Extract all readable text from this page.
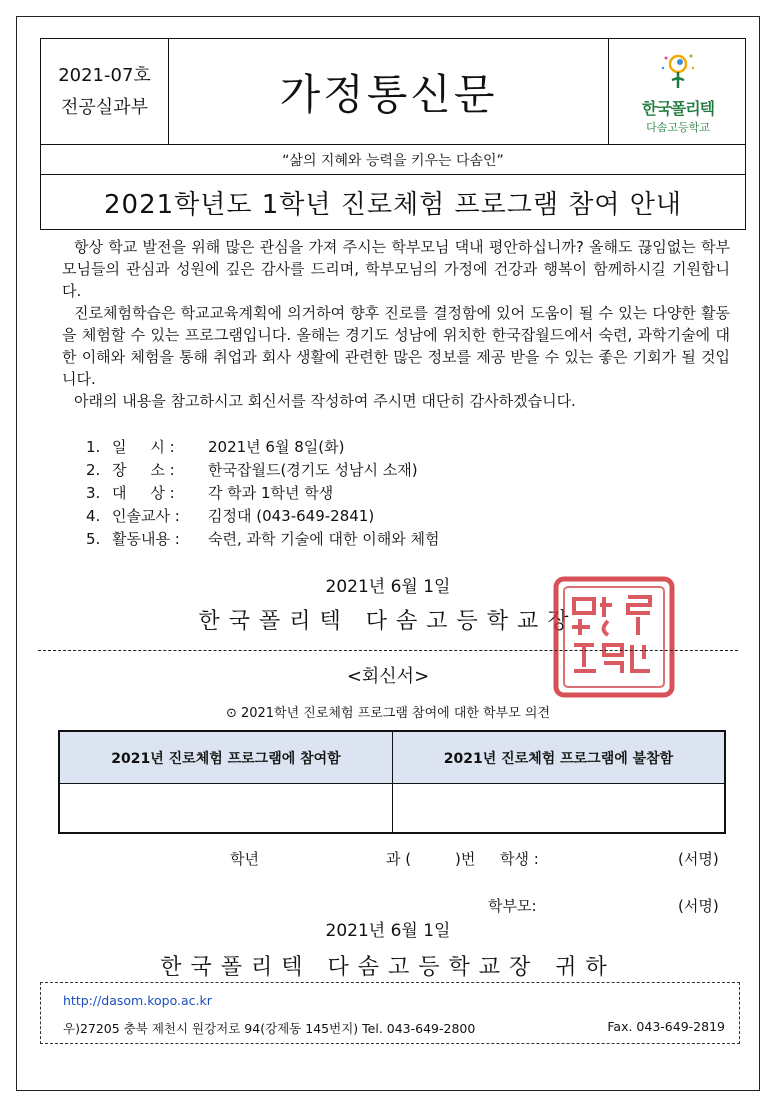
2021-07호
전공실과부	가정통신문	한국폴리텍
다솜고등학교
“삶의 지혜와 능력을 키우는 다솜인”
2021학년도 1학년 진로체험 프로그램 참여 안내

항상 학교 발전을 위해 많은 관심을 가져 주시는 학부모님 댁내 평안하십니까? 올해도 끊임없는 학부모님들의 관심과 성원에 깊은 감사를 드리며, 학부모님의 가정에 건강과 행복이 함께하시길 기원합니다.

진로체험학습은 학교교육계획에 의거하여 향후 진로를 결정함에 있어 도움이 될 수 있는 다양한 활동을 체험할 수 있는 프로그램입니다. 올해는 경기도 성남에 위치한 한국잡월드에서 숙련, 과학기술에 대한 이해와 체험을 통해 취업과 회사 생활에 관련한 많은 정보를 제공 받을 수 있는 좋은 기회가 될 것입니다.

아래의 내용을 참고하시고 회신서를 작성하여 주시면 대단히 감사하겠습니다.

1. 일     시 :	2021년 6월 8일(화)
2. 장     소 :	한국잡월드(경기도 성남시 소재)
3. 대     상 :	각 학과 1학년 학생
4. 인솔교사 :	김정대 (043-649-2841)
5. 활동내용 :	숙련, 과학 기술에 대한 이해와 체험
2021년 6월 1일
한국폴리텍 다솜고등학교장
<회신서>
⊙ 2021학년 진로체험 프로그램 참여에 대한 학부모 의견
2021년 진로체험 프로그램에 참여함	2021년 진로체험 프로그램에 불참함
학년	과 (	)번 학생 :	(서명)
학부모:	(서명)
2021년 6월 1일
한국폴리텍 다솜고등학교장 귀하
http://dasom.kopo.ac.kr
우)27205 충북 제천시 원강저로 94(강제동 145번지) Tel. 043-649-2800	Fax. 043-649-2819
